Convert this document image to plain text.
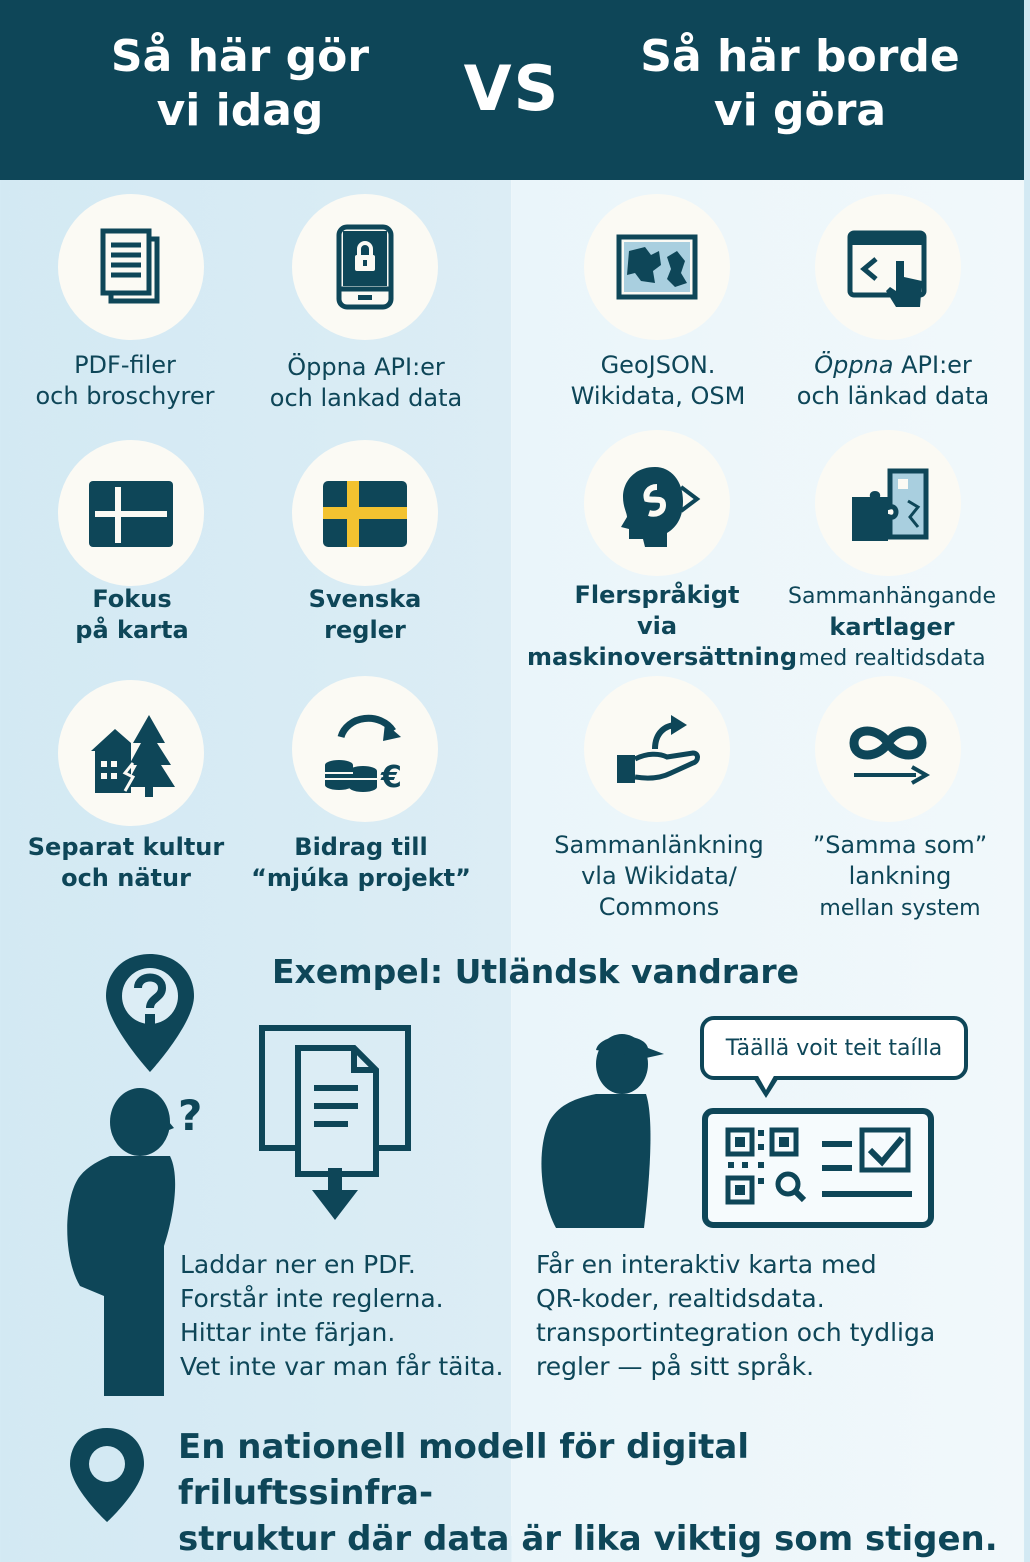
Så här gör
vi idag	VS	Så här borde
vi göra
PDF-filer
och broschyrer
Öppna API:er
och lankad data
Fokus
på karta
Svenska
regler
Separat kultur
och nätur
€
Bidrag till
“mjúka projekt”
GeoJSON.
Wikidata, OSM
Öppna API:er
och länkad data
Flerspråkigt
via
maskinoversättning
Sammanhängande
kartlager
med realtidsdata
Sammanlänkning
vla Wikidata/
Commons
”Samma som”
lankning
mellan system
Exempel: Utländsk vandrare
?
Laddar ner en PDF.
Forstår inte reglerna.
Hittar inte färjan.
Vet inte var man får täita.
Täällä voit teit taílla
Får en interaktiv karta med
QR-koder, realtidsdata.
transportintegration och tydliga
regler — på sitt språk.
En nationell modell för digital friluftssinfra-
struktur där data är lika viktig som stigen.
